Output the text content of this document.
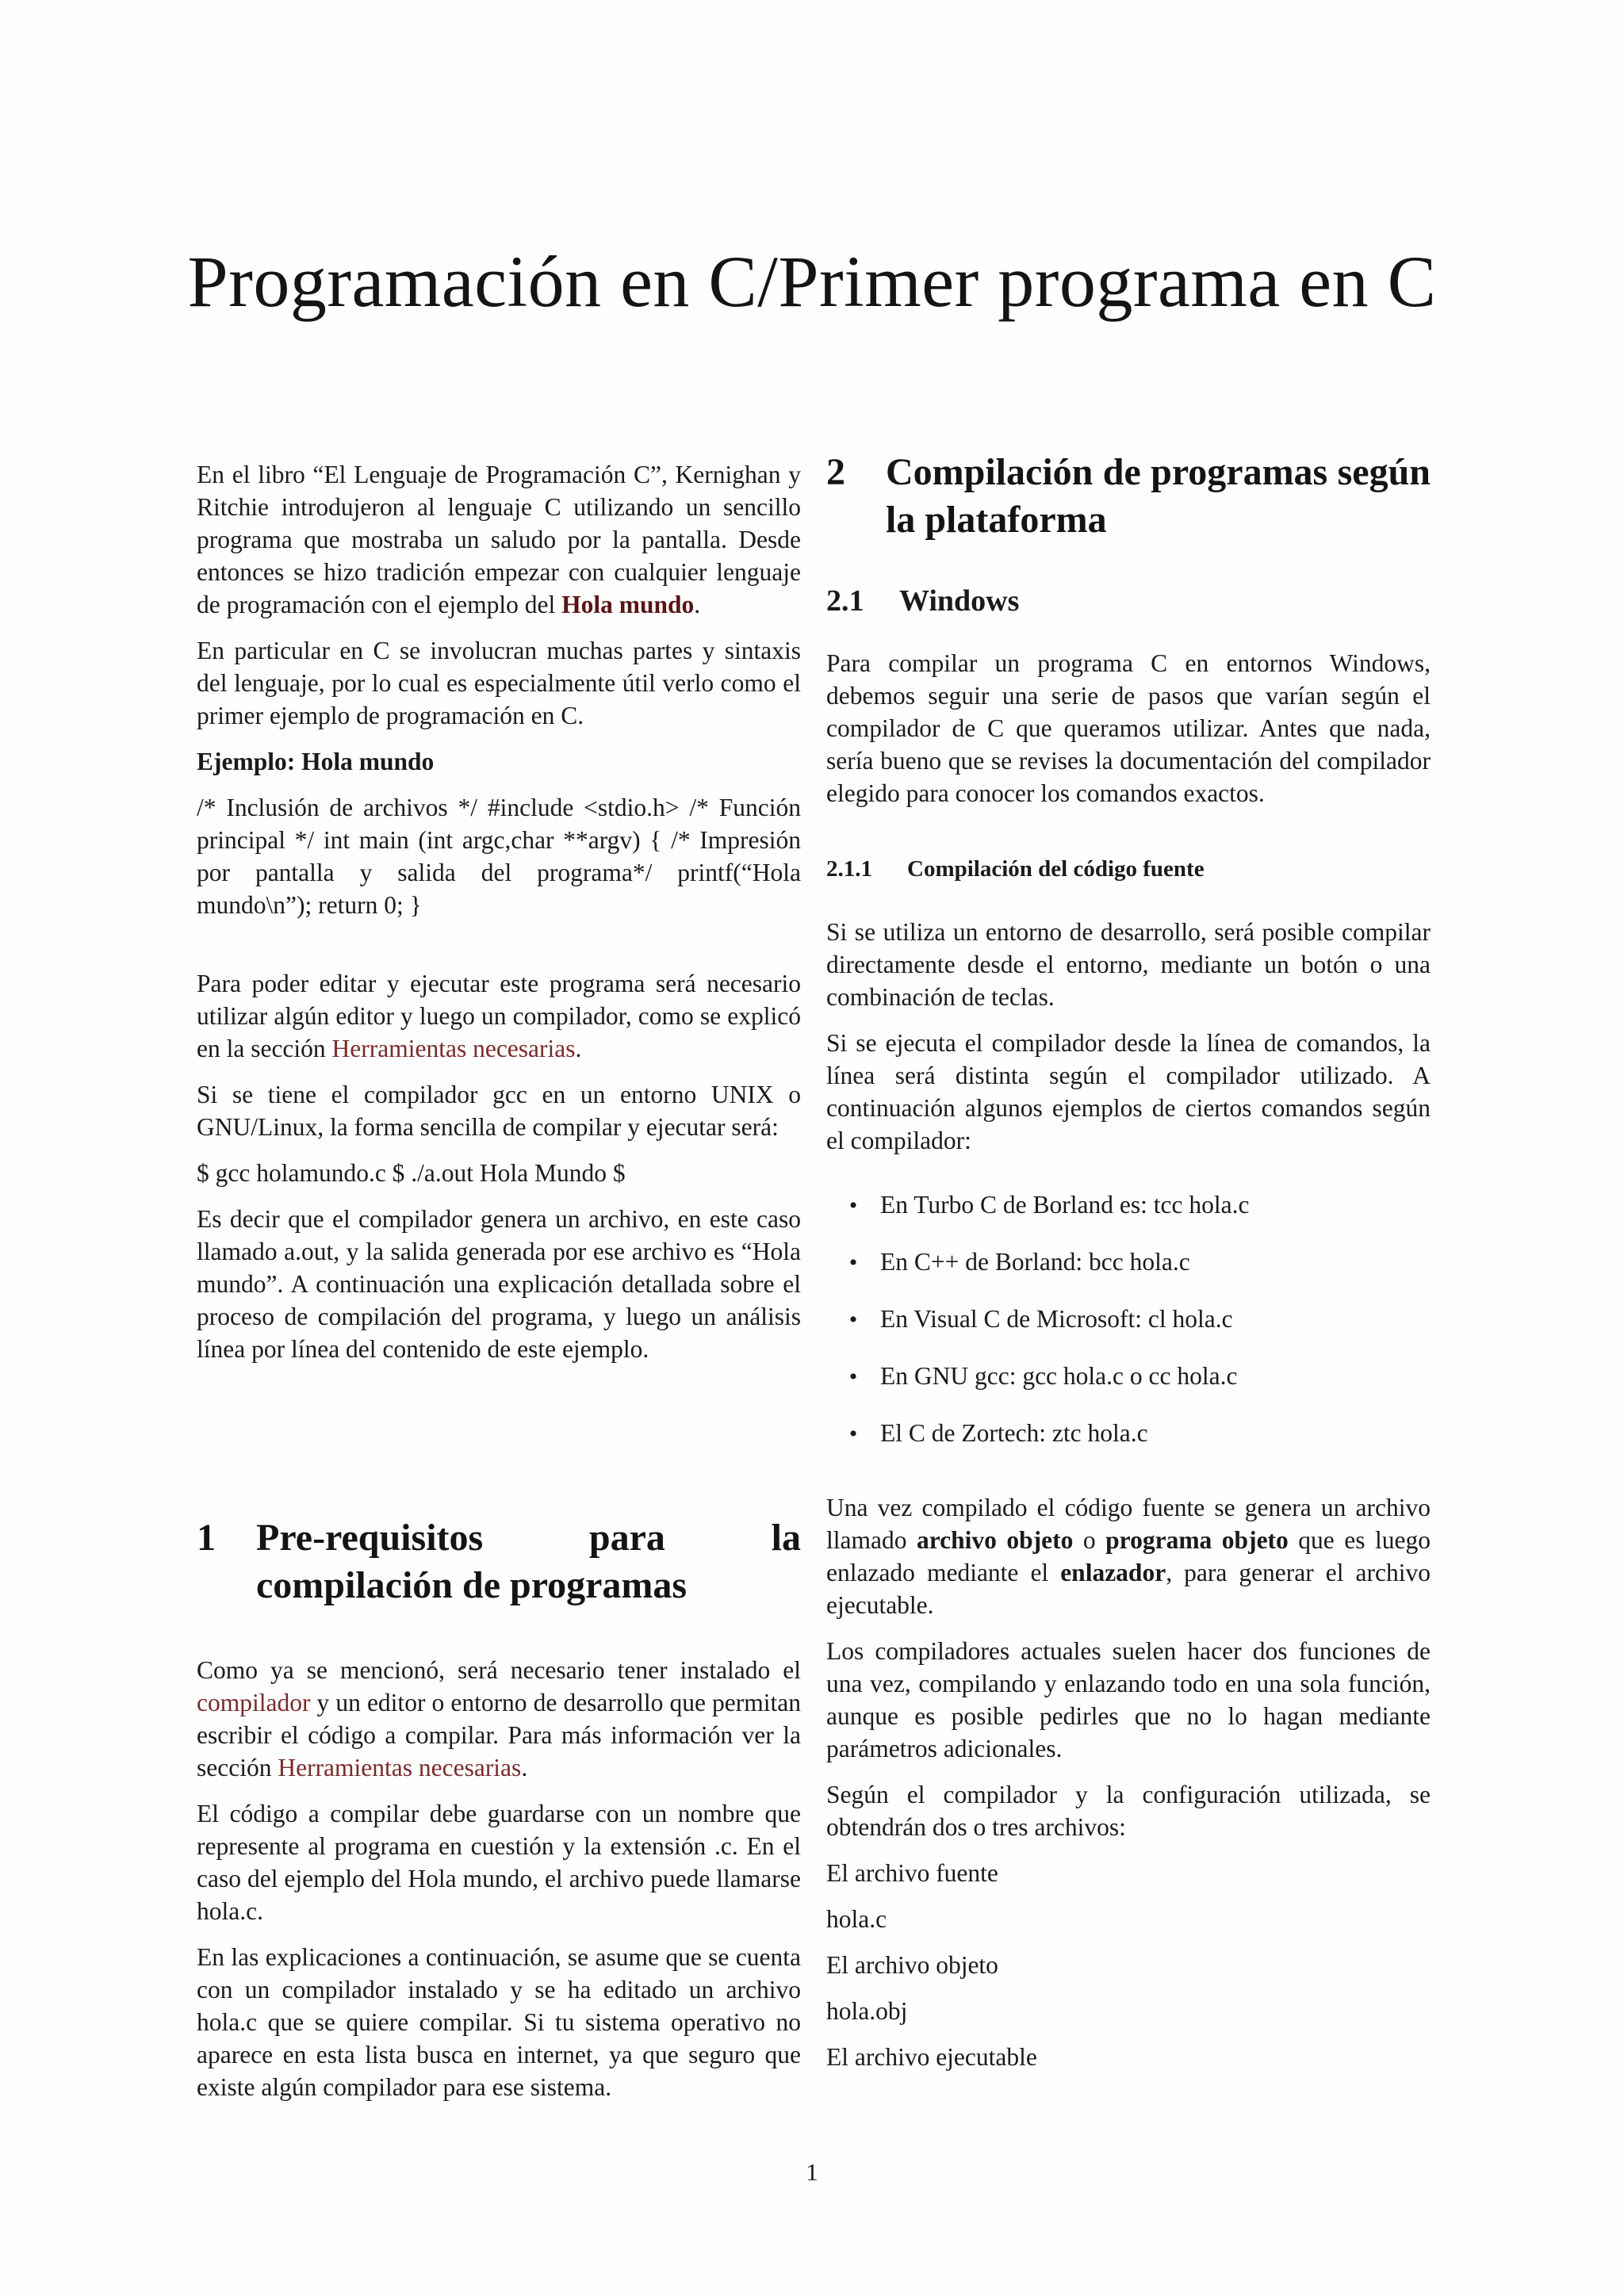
Programación en C/Primer programa en C

En el libro “El Lenguaje de Programación C”, Kernighan y Ritchie introdujeron al lenguaje C utilizando un sencillo programa que mostraba un saludo por la pantalla. Desde entonces se hizo tradición empezar con cualquier lenguaje de programación con el ejemplo del Hola mundo.

En particular en C se involucran muchas partes y sintaxis del lenguaje, por lo cual es especialmente útil verlo como el primer ejemplo de programación en C.

Ejemplo: Hola mundo

/* Inclusión de archivos */ #include <stdio.h> /* Función principal */ int main (int argc,char **argv) { /* Impresión por pantalla y salida del programa*/ printf(“Hola mundo\n”); return 0; }

Para poder editar y ejecutar este programa será necesario utilizar algún editor y luego un compilador, como se explicó en la sección Herramientas necesarias.

Si se tiene el compilador gcc en un entorno UNIX o GNU/Linux, la forma sencilla de compilar y ejecutar será:

$ gcc holamundo.c $ ./a.out Hola Mundo $

Es decir que el compilador genera un archivo, en este caso llamado a.out, y la salida generada por ese archivo es “Hola mundo”. A continuación una explicación detallada sobre el proceso de compilación del programa, y luego un análisis línea por línea del contenido de este ejemplo.

1	Pre-requisitos para la compilación de programas

Como ya se mencionó, será necesario tener instalado el compilador y un editor o entorno de desarrollo que permitan escribir el código a compilar. Para más información ver la sección Herramientas necesarias.

El código a compilar debe guardarse con un nombre que represente al programa en cuestión y la extensión .c. En el caso del ejemplo del Hola mundo, el archivo puede llamarse hola.c.

En las explicaciones a continuación, se asume que se cuenta con un compilador instalado y se ha editado un archivo hola.c que se quiere compilar. Si tu sistema operativo no aparece en esta lista busca en internet, ya que seguro que existe algún compilador para ese sistema.

2	Compilación de programas según la plataforma
2.1	Windows

Para compilar un programa C en entornos Windows, debemos seguir una serie de pasos que varían según el compilador de C que queramos utilizar. Antes que nada, sería bueno que se revises la documentación del compilador elegido para conocer los comandos exactos.

2.1.1	Compilación del código fuente

Si se utiliza un entorno de desarrollo, será posible compilar directamente desde el entorno, mediante un botón o una combinación de teclas.

Si se ejecuta el compilador desde la línea de comandos, la línea será distinta según el compilador utilizado. A continuación algunos ejemplos de ciertos comandos según el compilador:

• En Turbo C de Borland es: tcc hola.c
• En C++ de Borland: bcc hola.c
• En Visual C de Microsoft: cl hola.c
• En GNU gcc: gcc hola.c o cc hola.c
• El C de Zortech: ztc hola.c

Una vez compilado el código fuente se genera un archivo llamado archivo objeto o programa objeto que es luego enlazado mediante el enlazador, para generar el archivo ejecutable.

Los compiladores actuales suelen hacer dos funciones de una vez, compilando y enlazando todo en una sola función, aunque es posible pedirles que no lo hagan mediante parámetros adicionales.

Según el compilador y la configuración utilizada, se obtendrán dos o tres archivos:

El archivo fuente

hola.c

El archivo objeto

hola.obj

El archivo ejecutable

1
